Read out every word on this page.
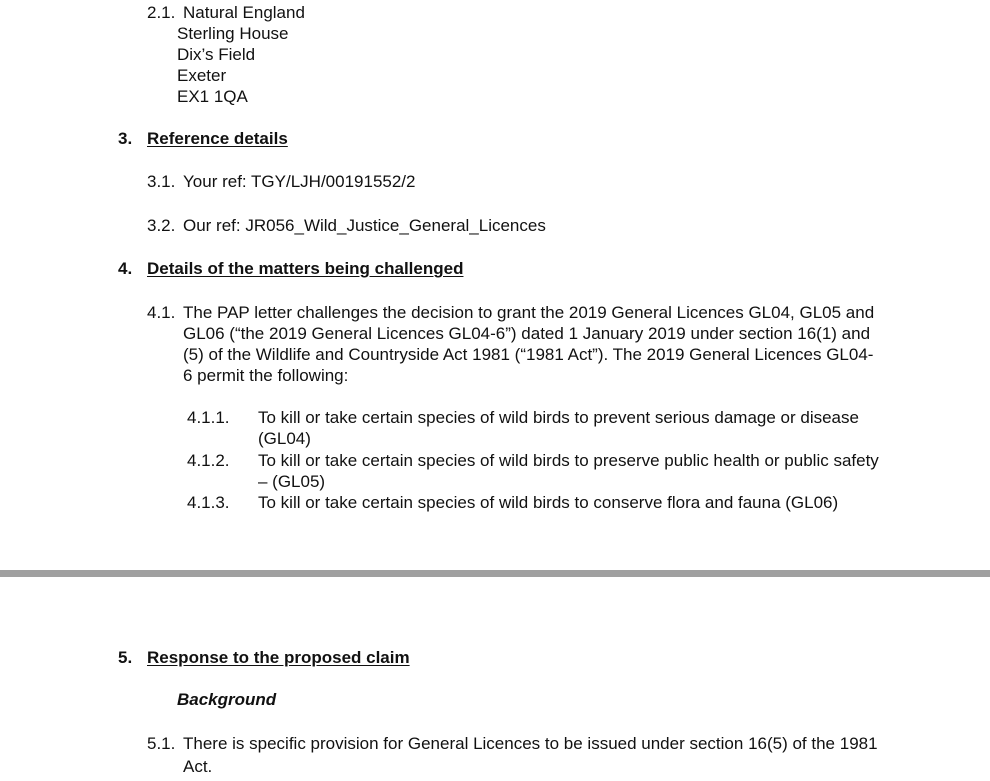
2.1. Natural England
Sterling House
Dix’s Field
Exeter
EX1 1QA
3. Reference details
3.1. Your ref: TGY/LJH/00191552/2
3.2. Our ref: JR056_Wild_Justice_General_Licences
4. Details of the matters being challenged
4.1. The PAP letter challenges the decision to grant the 2019 General Licences GL04, GL05 and
GL06 (“the 2019 General Licences GL04-6”) dated 1 January 2019 under section 16(1) and
(5) of the Wildlife and Countryside Act 1981 (“1981 Act”). The 2019 General Licences GL04-
6 permit the following:
4.1.1. To kill or take certain species of wild birds to prevent serious damage or disease
(GL04)
4.1.2. To kill or take certain species of wild birds to preserve public health or public safety
– (GL05)
4.1.3. To kill or take certain species of wild birds to conserve flora and fauna (GL06)
5. Response to the proposed claim
Background
5.1. There is specific provision for General Licences to be issued under section 16(5) of the 1981
Act.
